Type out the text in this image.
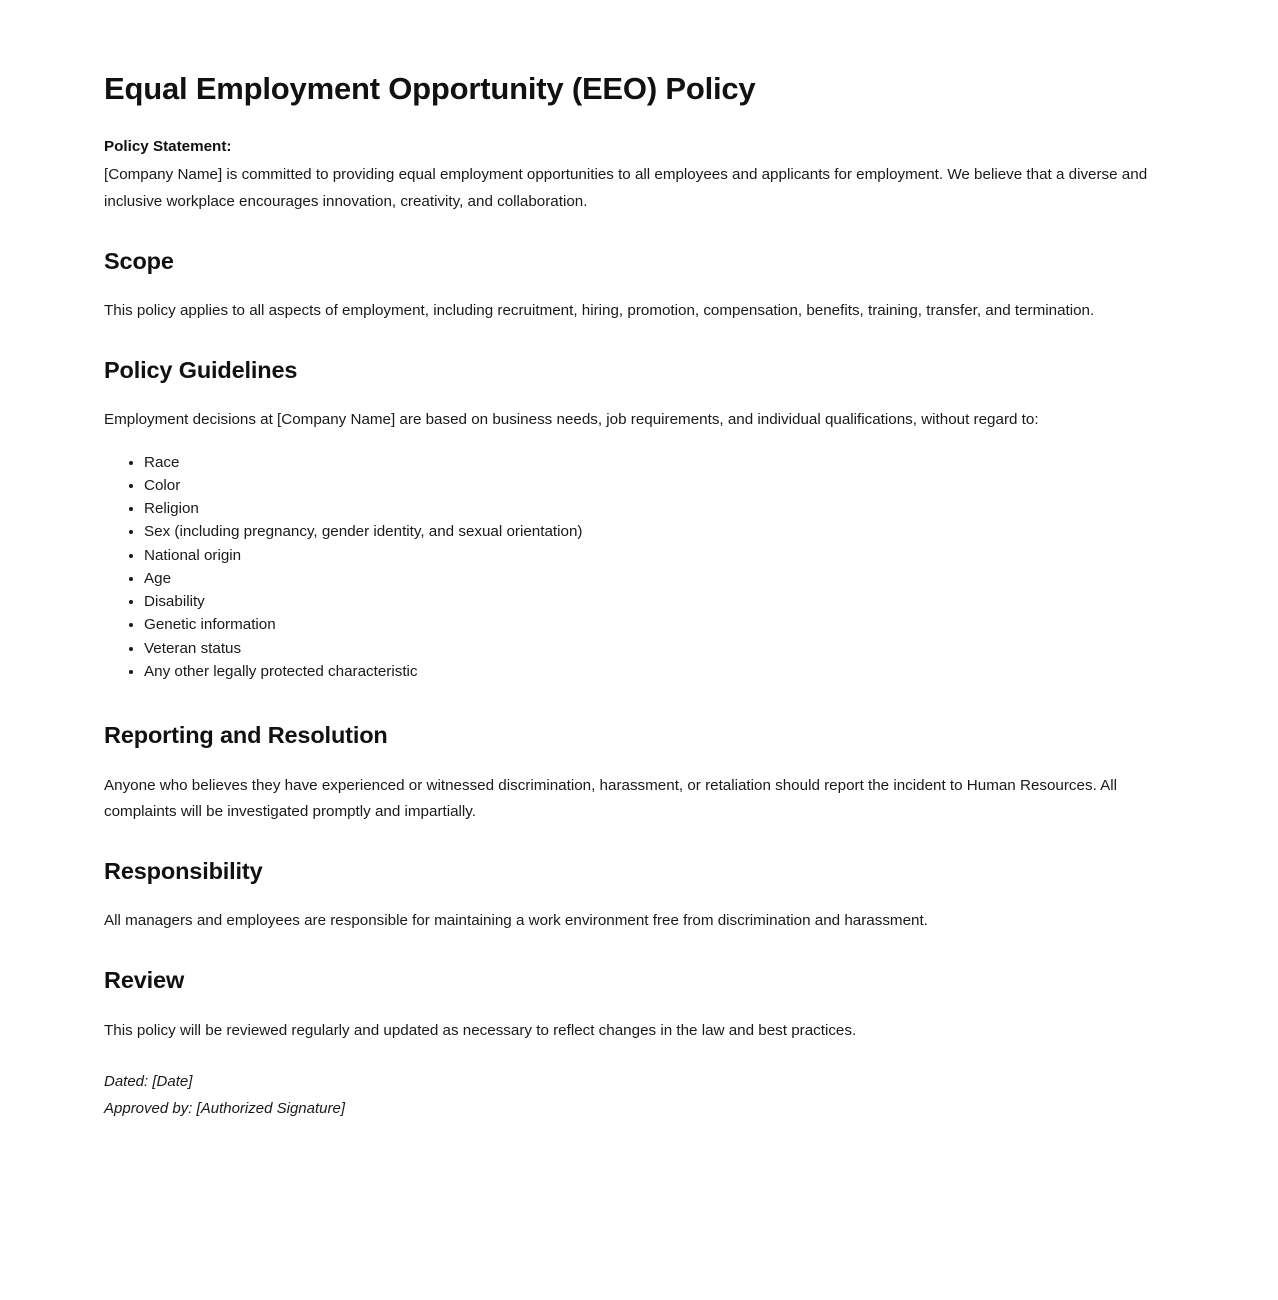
Equal Employment Opportunity (EEO) Policy
Policy Statement:

[Company Name] is committed to providing equal employment opportunities to all employees and applicants for employment. We believe that a diverse and inclusive workplace encourages innovation, creativity, and collaboration.

Scope

This policy applies to all aspects of employment, including recruitment, hiring, promotion, compensation, benefits, training, transfer, and termination.

Policy Guidelines

Employment decisions at [Company Name] are based on business needs, job requirements, and individual qualifications, without regard to:

• Race
• Color
• Religion
• Sex (including pregnancy, gender identity, and sexual orientation)
• National origin
• Age
• Disability
• Genetic information
• Veteran status
• Any other legally protected characteristic
Reporting and Resolution

Anyone who believes they have experienced or witnessed discrimination, harassment, or retaliation should report the incident to Human Resources. All complaints will be investigated promptly and impartially.

Responsibility

All managers and employees are responsible for maintaining a work environment free from discrimination and harassment.

Review

This policy will be reviewed regularly and updated as necessary to reflect changes in the law and best practices.

Dated: [Date]
Approved by: [Authorized Signature]
